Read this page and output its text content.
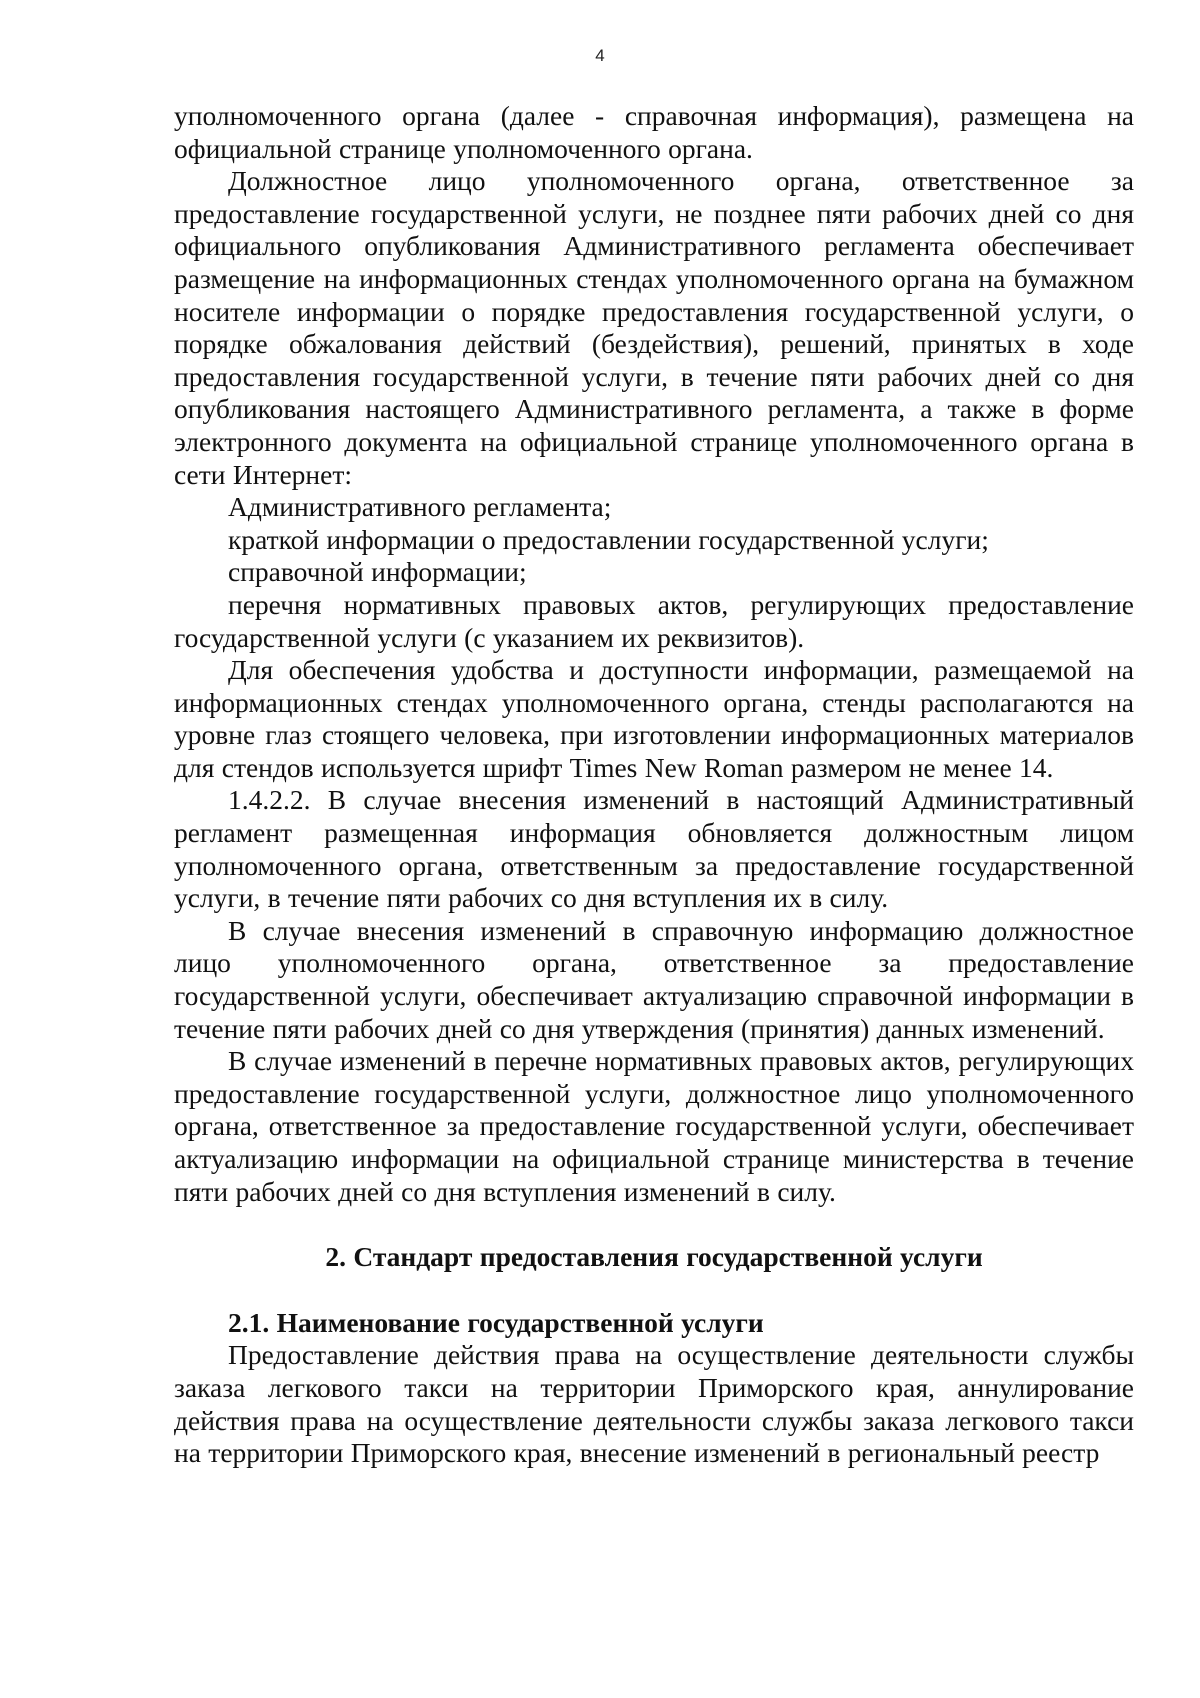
4

уполномоченного органа (далее - справочная информация), размещена на официальной странице уполномоченного органа.

Должностное лицо уполномоченного органа, ответственное за предоставление государственной услуги, не позднее пяти рабочих дней со дня официального опубликования Административного регламента обеспечивает размещение на информационных стендах уполномоченного органа на бумажном носителе информации о порядке предоставления государственной услуги, о порядке обжалования действий (бездействия), решений, принятых в ходе предоставления государственной услуги, в течение пяти рабочих дней со дня опубликования настоящего Административного регламента, а также в форме электронного документа на официальной странице уполномоченного органа в сети Интернет:

Административного регламента;

краткой информации о предоставлении государственной услуги;

справочной информации;

перечня нормативных правовых актов, регулирующих предоставление государственной услуги (с указанием их реквизитов).

Для обеспечения удобства и доступности информации, размещаемой на информационных стендах уполномоченного органа, стенды располагаются на уровне глаз стоящего человека, при изготовлении информационных материалов для стендов используется шрифт Times New Roman размером не менее 14.

1.4.2.2. В случае внесения изменений в настоящий Административный регламент размещенная информация обновляется должностным лицом уполномоченного органа, ответственным за предоставление государственной услуги, в течение пяти рабочих со дня вступления их в силу.

В случае внесения изменений в справочную информацию должностное лицо уполномоченного органа, ответственное за предоставление государственной услуги, обеспечивает актуализацию справочной информации в течение пяти рабочих дней со дня утверждения (принятия) данных изменений.

В случае изменений в перечне нормативных правовых актов, регулирующих предоставление государственной услуги, должностное лицо уполномоченного органа, ответственное за предоставление государственной услуги, обеспечивает актуализацию информации на официальной странице министерства в течение пяти рабочих дней со дня вступления изменений в силу.

2. Стандарт предоставления государственной услуги

2.1. Наименование государственной услуги

Предоставление действия права на осуществление деятельности службы заказа легкового такси на территории Приморского края, аннулирование действия права на осуществление деятельности службы заказа легкового такси на территории Приморского края, внесение изменений в региональный реестр
